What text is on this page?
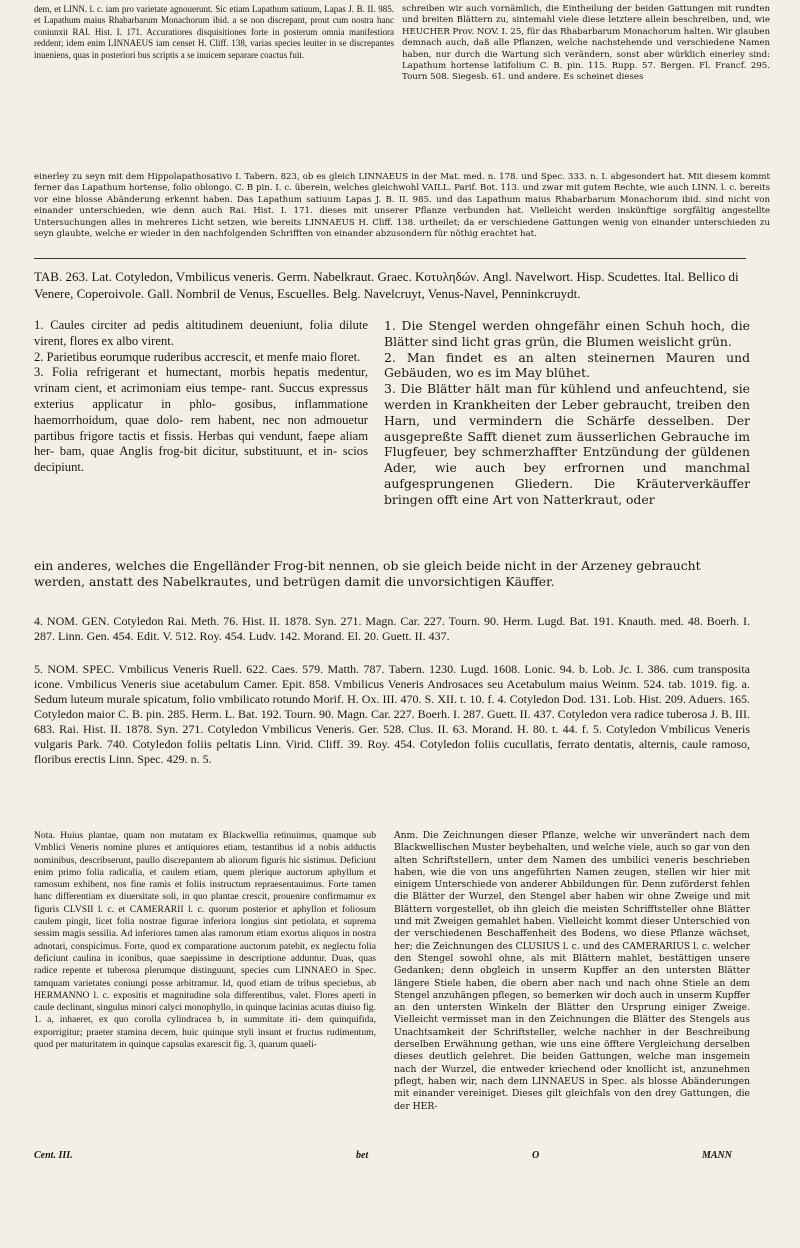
dem, et LINN. l. c. iam pro varietate agnouerunt. Sic etiam Lapathum satiuum, Lapas J. B. II. 985. et Lapathum maius Rhabarbarum Monachorum ibid. a se non discrepant, prout cum nostra hanc coniunxit RAI. Hist. I. 171. Accuratiores disquisitiones forte in posterum omnia manifestiora reddent; idem enim LINNAEUS iam censet H. Cliff. 138, varias species leuiter in se discrepantes inueniens, quas in posteriori bus scriptis a se inuicem separare coactus fuit.

schreiben wir auch vornämlich, die Eintheilung der beiden Gattungen mit rundten und breiten Blättern zu, sintemahl viele diese letztere allein beschreiben, und, wie HEUCHER Prov. NOV. I. 25, für das Rhabarbarum Monachorum halten. Wir glauben demnach auch, daß alle Pflanzen, welche nachstehende und verschiedene Namen haben, nur durch die Wartung sich verändern, sonst aber würklich einerley sind: Lapathum hortense latifolium C. B. pin. 115. Rupp. 57. Bergen. Fl. Francf. 295. Tourn 508. Siegesb. 61. und andere. Es scheinet dieses

einerley zu seyn mit dem Hippolapathosativo I. Tabern. 823, ob es gleich LINNAEUS in der Mat. med. n. 178. und Spec. 333. n. I. abgesondert hat. Mit diesem kommt ferner das Lapathum hortense, folio oblongo. C. B pin. I. c. überein, welches gleichwohl VAILL. Parif. Bot. 113. und zwar mit gutem Rechte, wie auch LINN. l. c. bereits vor eine blosse Abänderung erkennt haben. Das Lapathum satiuum Lapas J. B. II. 985. und das Lapathum maius Rhabarbarum Monachorum ibid. sind nicht von einander unterschieden, wie denn auch Rai. Hist. I. 171. dieses mit unserer Pflanze verbunden hat. Vielleicht werden inskünftige sorgfältig angestellte Untersuchungen alles in mehreres Licht setzen, wie bereits LINNAEUS H. Cliff. 138. urtheilet; da er verschiedene Gattungen wenig von einander unterschieden zu seyn glaubte, welche er wieder in den nachfolgenden Schrifften von einander abzusondern für nöthig erachtet hat.

TAB. 263. Lat. Cotyledon, Vmbilicus veneris. Germ. Nabelkraut. Graec. Κοτυληδών. Angl. Navelwort. Hisp. Scudettes. Ital. Bellico di Venere, Coperoivole. Gall. Nombril de Venus, Escuelles. Belg. Navelcruyt, Venus-Navel, Penninkcruydt.

1. Caules circiter ad pedis altitudinem deueniunt, folia dilute virent, flores ex albo virent.

2. Parietibus eorumque ruderibus accrescit, et menfe maio floret.

3. Folia refrigerant et humectant, morbis hepatis medentur, vrinam cient, et acrimoniam eius tempe- rant. Succus expressus exterius applicatur in phlo- gosibus, inflammatione haemorrhoidum, quae dolo- rem habent, nec non admouetur partibus frigore tactis et fissis. Herbas qui vendunt, faepe aliam her- bam, quae Anglis frog-bit dicitur, substituunt, et in- scios decipiunt.

1. Die Stengel werden ohngefähr einen Schuh hoch, die Blätter sind licht gras grün, die Blumen weislicht grün.

2. Man findet es an alten steinernen Mauren und Gebäuden, wo es im May blühet.

3. Die Blätter hält man für kühlend und anfeuchtend, sie werden in Krankheiten der Leber gebraucht, treiben den Harn, und vermindern die Schärfe desselben. Der ausgepreßte Safft dienet zum äusserlichen Gebrauche im Flugfeuer, bey schmerzhaffter Entzündung der güldenen Ader, wie auch bey erfrornen und manchmal aufgesprungenen Gliedern. Die Kräuterverkäuffer bringen offt eine Art von Natterkraut, oder

ein anderes, welches die Engelländer Frog-bit nennen, ob sie gleich beide nicht in der Arzeney gebraucht werden, anstatt des Nabelkrautes, und betrügen damit die unvorsichtigen Käuffer.

4. NOM. GEN. Cotyledon Rai. Meth. 76. Hist. II. 1878. Syn. 271. Magn. Car. 227. Tourn. 90. Herm. Lugd. Bat. 191. Knauth. med. 48. Boerh. I. 287. Linn. Gen. 454. Edit. V. 512. Roy. 454. Ludv. 142. Morand. El. 20. Guett. II. 437.

5. NOM. SPEC. Vmbilicus Veneris Ruell. 622. Caes. 579. Matth. 787. Tabern. 1230. Lugd. 1608. Lonic. 94. b. Lob. Jc. I. 386. cum transposita icone. Vmbilicus Veneris siue acetabulum Camer. Epit. 858. Vmbilicus Veneris Androsaces seu Acetabulum maius Weinm. 524. tab. 1019. fig. a. Sedum luteum murale spicatum, folio vmbilicato rotundo Morif. H. Ox. III. 470. S. XII. t. 10. f. 4. Cotyledon Dod. 131. Lob. Hist. 209. Aduers. 165. Cotyledon maior C. B. pin. 285. Herm. L. Bat. 192. Tourn. 90. Magn. Car. 227. Boerh. I. 287. Guett. II. 437. Cotyledon vera radice tuberosa J. B. III. 683. Rai. Hist. II. 1878. Syn. 271. Cotyledon Vmbilicus Veneris. Ger. 528. Clus. II. 63. Morand. H. 80. t. 44. f. 5. Cotyledon Vmbilicus Veneris vulgaris Park. 740. Cotyledon foliis peltatis Linn. Virid. Cliff. 39. Roy. 454. Cotyledon foliis cucullatis, ferrato dentatis, alternis, caule ramoso, floribus erectis Linn. Spec. 429. n. 5.

Nota. Huius plantae, quam non mutatam ex Blackwellia retinuimus, quamque sub Vmblici Veneris nomine plures et antiquiores etiam, testantibus id a nobis adductis nominibus, describserunt, paullo discrepantem ab aliorum figuris hic sistimus. Deficiunt enim primo folia radicalia, et caulem etiam, quem plerique auctorum aphyllum et ramosum exhibent, nos fine ramis et foliis instructum repraesentauimus. Forte tamen hanc differentiam ex diuersitate soli, in quo plantae crescit, prouenire confirmamur ex figuris CLVSII l. c. et CAMERARII l. c. quorum posterior et aphyllon et foliosum caulem pingit, licet folia nostrae figurae inferiora longius sint petiolata, et suprema sessim magis sessilia. Ad inferiores tamen alas ramorum etiam exortus aliquos in nostra adnotari, conspicimus. Forte, quod ex comparatione auctorum patebit, ex neglectu folia deficiunt caulina in iconibus, quae saepissime in descriptione adduntur. Duas, quas radice repente et tuberosa plerumque distinguunt, species cum LINNAEO in Spec. tamquam varietates coniungi posse arbitramur. Id, quod etiam de tribus speciebus, ab HERMANNO l. c. expositis et magnitudine sola differentibus, valet. Flores aperti in caule declinant, singulus minori calyci monophyllo, in quinque lacinias acutas diuiso fig. 1. a, inhaeret, ex quo corolla cylindracea b, in summitate iti- dem quinquifida, exporrigitur; praeter stamina decem, huic quinque styli insunt et fructus rudimentum, quod per maturitatem in quinque capsulas exarescit fig. 3, quarum quaeli-

Anm. Die Zeichnungen dieser Pflanze, welche wir unverändert nach dem Blackwellischen Muster beybehalten, und welche viele, auch so gar von den alten Schriftstellern, unter dem Namen des umbilici veneris beschrieben haben, wie die von uns angeführten Namen zeugen, stellen wir hier mit einigem Unterschiede von anderer Abbildungen für. Denn zuförderst fehlen die Blätter der Wurzel, den Stengel aber haben wir ohne Zweige und mit Blättern vorgestellet, ob ihn gleich die meisten Schrifftsteller ohne Blätter und mit Zweigen gemahlet haben. Vielleicht kommt dieser Unterschied von der verschiedenen Beschaffenheit des Bodens, wo diese Pflanze wächset, her; die Zeichnungen des CLUSIUS l. c. und des CAMERARIUS l. c. welcher den Stengel sowohl ohne, als mit Blättern mahlet, bestättigen unsere Gedanken; denn obgleich in unserm Kupffer an den untersten Blätter längere Stiele haben, die obern aber nach und nach ohne Stiele an dem Stengel anzuhängen pflegen, so bemerken wir doch auch in unserm Kupffer an den untersten Winkeln der Blätter den Ursprung einiger Zweige. Vielleicht vermisset man in den Zeichnungen die Blätter des Stengels aus Unachtsamkeit der Schriftsteller, welche nachher in der Beschreibung derselben Erwähnung gethan, wie uns eine öfftere Vergleichung derselben dieses deutlich gelehret. Die beiden Gattungen, welche man insgemein nach der Wurzel, die entweder kriechend oder knollicht ist, anzunehmen pflegt, haben wir, nach dem LINNAEUS in Spec. als blosse Abänderungen mit einander vereiniget. Dieses gilt gleichfals von den drey Gattungen, die der HER-

Cent. III.	bet	O	MANN
